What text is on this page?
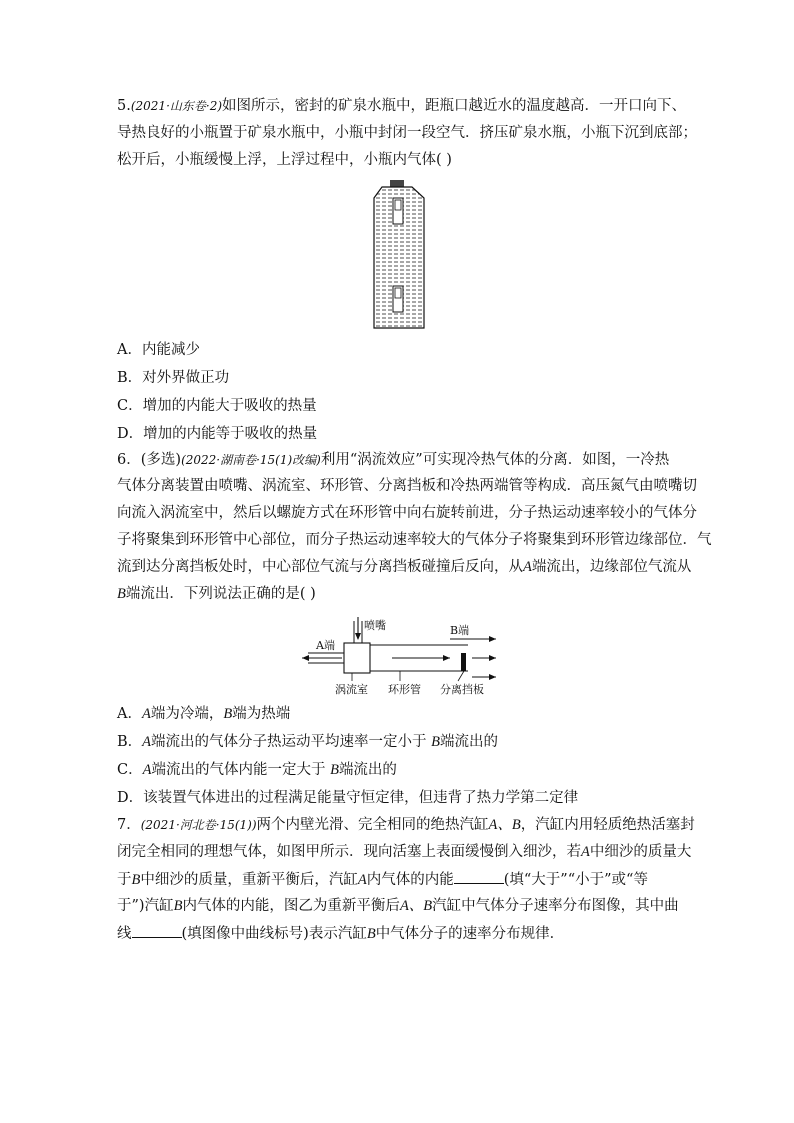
5.(2021·山东卷·2)如图所示，密封的矿泉水瓶中，距瓶口越近水的温度越高．一开口向下、
导热良好的小瓶置于矿泉水瓶中，小瓶中封闭一段空气．挤压矿泉水瓶，小瓶下沉到底部；
松开后，小瓶缓慢上浮，上浮过程中，小瓶内气体( )
A．内能减少
B．对外界做正功
C．增加的内能大于吸收的热量
D．增加的内能等于吸收的热量
6．(多选)(2022·湖南卷·15(1)改编)利用“涡流效应”可实现冷热气体的分离．如图，一冷热
气体分离装置由喷嘴、涡流室、环形管、分离挡板和冷热两端管等构成．高压氮气由喷嘴切
向流入涡流室中，然后以螺旋方式在环形管中向右旋转前进，分子热运动速率较小的气体分
子将聚集到环形管中心部位，而分子热运动速率较大的气体分子将聚集到环形管边缘部位．气
流到达分离挡板处时，中心部位气流与分离挡板碰撞后反向，从A端流出，边缘部位气流从
B端流出．下列说法正确的是( )
喷嘴
A端
B端
涡流室 环形管 分离挡板
A．A端为冷端，B端为热端
B．A端流出的气体分子热运动平均速率一定小于 B端流出的
C．A端流出的气体内能一定大于 B端流出的
D．该装置气体进出的过程满足能量守恒定律，但违背了热力学第二定律
7．(2021·河北卷·15(1))两个内壁光滑、完全相同的绝热汽缸A、B，汽缸内用轻质绝热活塞封
闭完全相同的理想气体，如图甲所示．现向活塞上表面缓慢倒入细沙，若A中细沙的质量大
于B中细沙的质量，重新平衡后，汽缸A内气体的内能	(填“大于”“小于”或“等
于”)汽缸B内气体的内能，图乙为重新平衡后A、B汽缸中气体分子速率分布图像，其中曲
线	(填图像中曲线标号)表示汽缸B中气体分子的速率分布规律．
